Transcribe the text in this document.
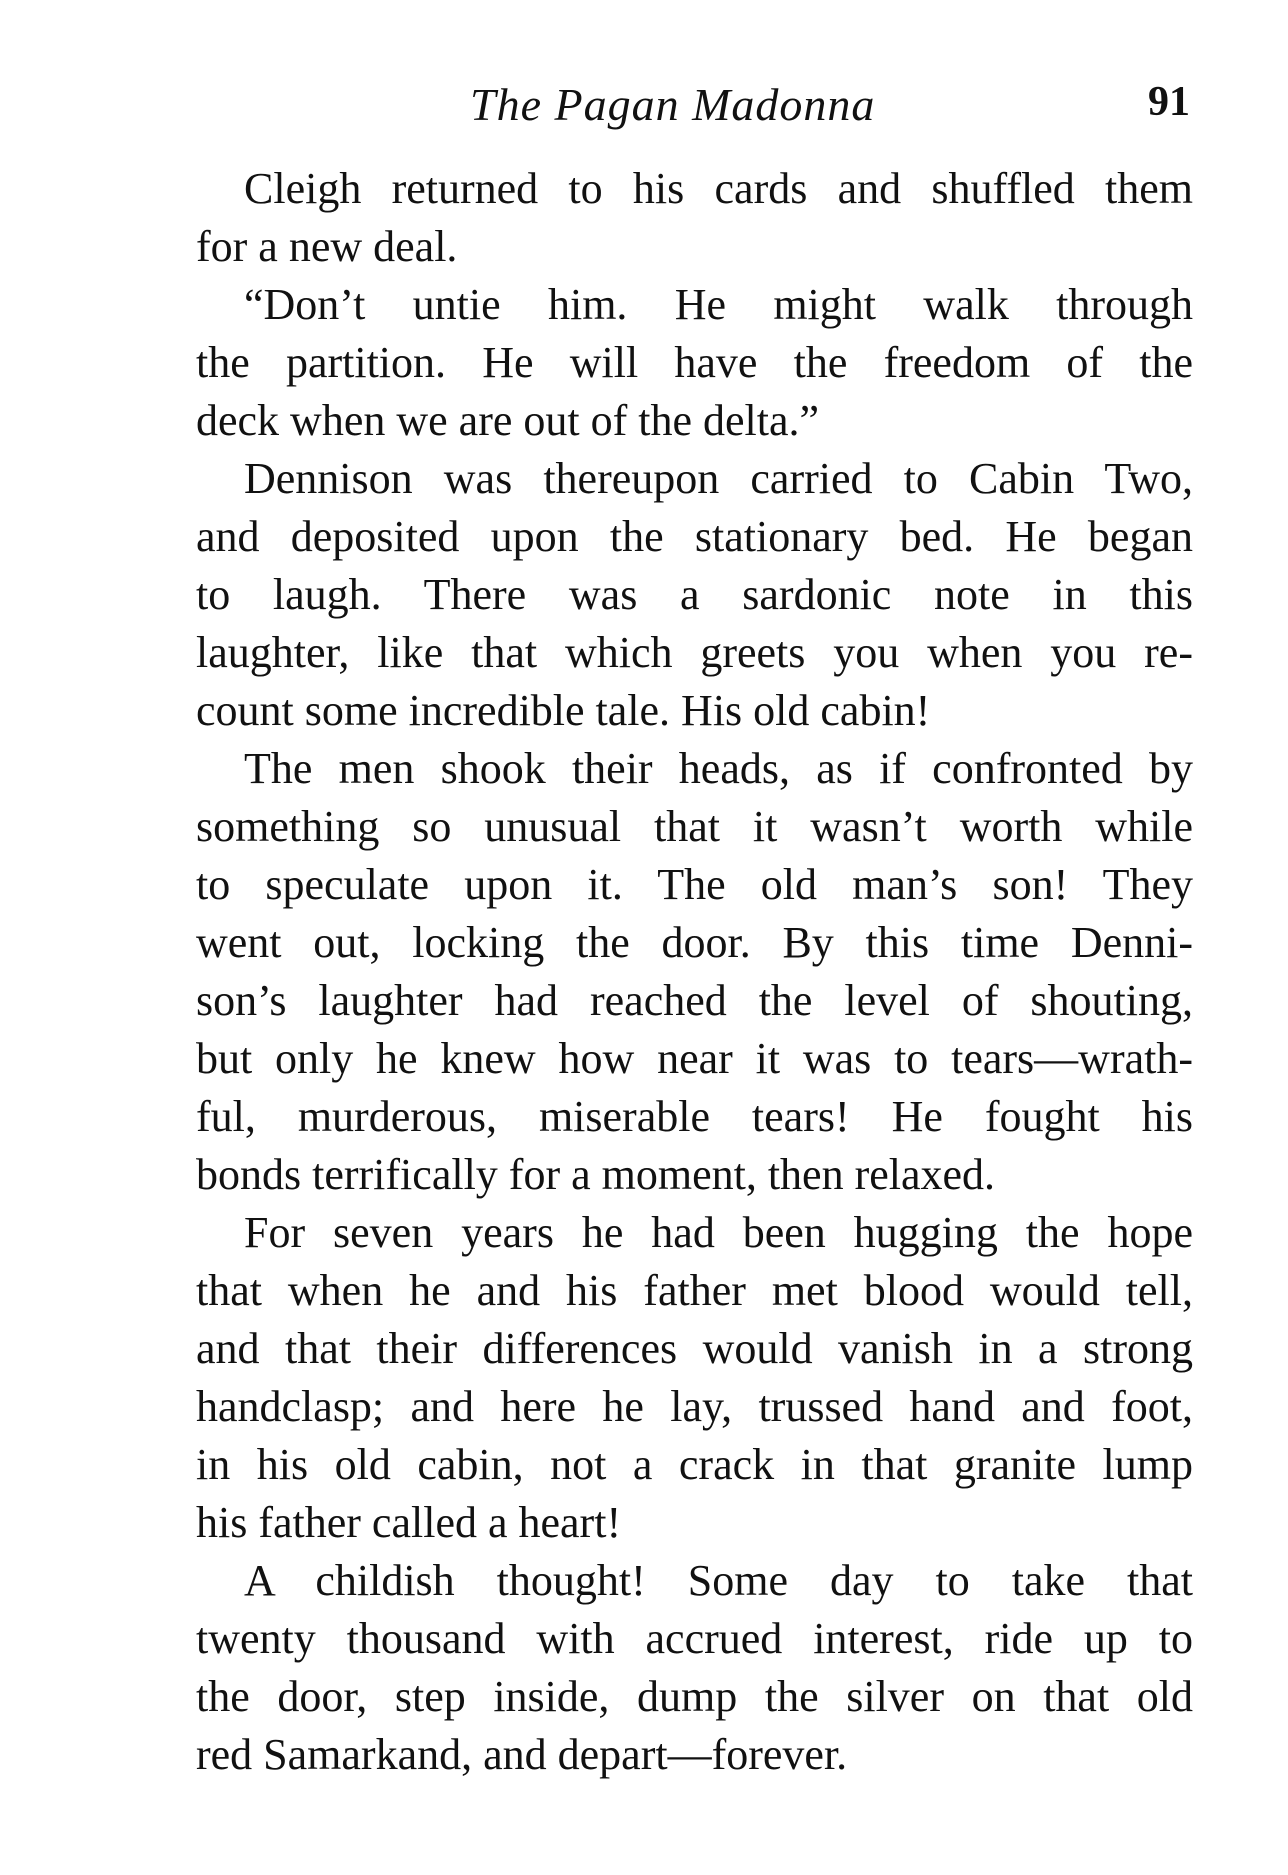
The Pagan Madonna	91
Cleigh returned to his cards and shuffled them
for a new deal.
“Don’t untie him. He might walk through
the partition. He will have the freedom of the
deck when we are out of the delta.”
Dennison was thereupon carried to Cabin Two,
and deposited upon the stationary bed. He began
to laugh. There was a sardonic note in this
laughter, like that which greets you when you re-
count some incredible tale. His old cabin!
The men shook their heads, as if confronted by
something so unusual that it wasn’t worth while
to speculate upon it. The old man’s son! They
went out, locking the door. By this time Denni-
son’s laughter had reached the level of shouting,
but only he knew how near it was to tears—wrath-
ful, murderous, miserable tears! He fought his
bonds terrifically for a moment, then relaxed.
For seven years he had been hugging the hope
that when he and his father met blood would tell,
and that their differences would vanish in a strong
handclasp; and here he lay, trussed hand and foot,
in his old cabin, not a crack in that granite lump
his father called a heart!
A childish thought! Some day to take that
twenty thousand with accrued interest, ride up to
the door, step inside, dump the silver on that old
red Samarkand, and depart—forever.
